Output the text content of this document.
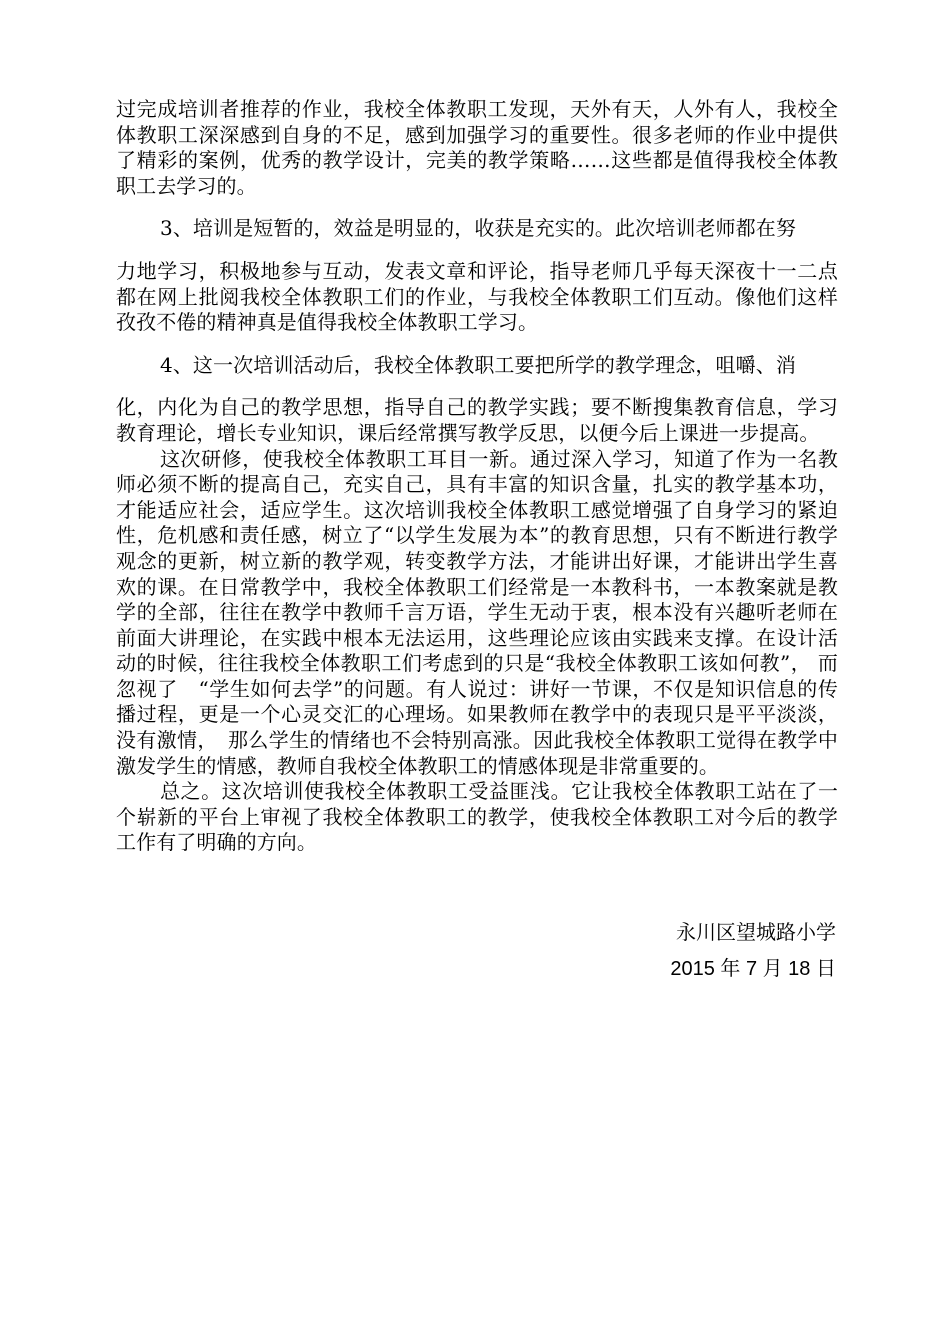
过完成培训者推荐的作业，我校全体教职工发现，天外有天，人外有人，我校全体教职工深深感到自身的不足，感到加强学习的重要性。很多老师的作业中提供了精彩的案例，优秀的教学设计，完美的教学策略……这些都是值得我校全体教职工去学习的。

3、培训是短暂的，效益是明显的，收获是充实的。此次培训老师都在努

力地学习，积极地参与互动，发表文章和评论，指导老师几乎每天深夜十一二点都在网上批阅我校全体教职工们的作业，与我校全体教职工们互动。像他们这样孜孜不倦的精神真是值得我校全体教职工学习。

4、这一次培训活动后，我校全体教职工要把所学的教学理念，咀嚼、消

化，内化为自己的教学思想，指导自己的教学实践；要不断搜集教育信息，学习教育理论，增长专业知识，课后经常撰写教学反思，以便今后上课进一步提高。

这次研修，使我校全体教职工耳目一新。通过深入学习，知道了作为一名教师必须不断的提高自己，充实自己，具有丰富的知识含量，扎实的教学基本功，才能适应社会，适应学生。这次培训我校全体教职工感觉增强了自身学习的紧迫性，危机感和责任感，树立了“以学生发展为本”的教育思想，只有不断进行教学观念的更新，树立新的教学观，转变教学方法，才能讲出好课，才能讲出学生喜欢的课。在日常教学中，我校全体教职工们经常是一本教科书，一本教案就是教学的全部，往往在教学中教师千言万语，学生无动于衷，根本没有兴趣听老师在前面大讲理论，在实践中根本无法运用，这些理论应该由实践来支撑。在设计活动的时候，往往我校全体教职工们考虑到的只是“我校全体教职工该如何教”， 而忽视了　“学生如何去学”的问题。有人说过：讲好一节课，不仅是知识信息的传播过程，更是一个心灵交汇的心理场。如果教师在教学中的表现只是平平淡淡，没有激情，　那么学生的情绪也不会特别高涨。因此我校全体教职工觉得在教学中激发学生的情感，教师自我校全体教职工的情感体现是非常重要的。

总之。这次培训使我校全体教职工受益匪浅。它让我校全体教职工站在了一个崭新的平台上审视了我校全体教职工的教学，使我校全体教职工对今后的教学工作有了明确的方向。

永川区望城路小学
2015 年 7 月 18 日
